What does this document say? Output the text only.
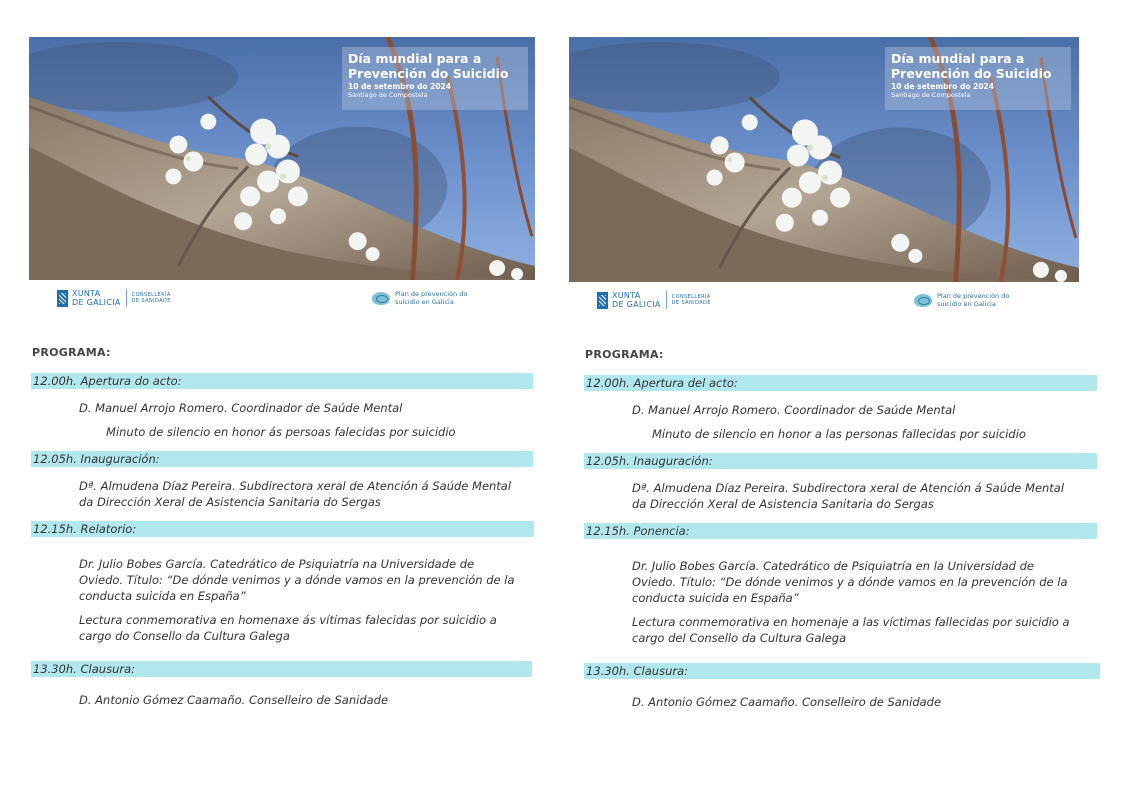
Día mundial para a
Prevención do Suicidio
10 de setembro do 2024
Santiago de Compostela
XUNTA
DE GALICIA
CONSELLERÍA
DE SANIDADE
Plan de prevención do
suicidio en Galicia
PROGRAMA:
12.00h. Apertura do acto:
D. Manuel Arrojo Romero. Coordinador de Saúde Mental
Minuto de silencio en honor ás persoas falecidas por suicidio
12.05h. Inauguración:
Dª. Almudena Díaz Pereira. Subdirectora xeral de Atención á Saúde Mental
da Dirección Xeral de Asistencia Sanitaria do Sergas
12.15h. Relatorio:
Dr. Julio Bobes García. Catedrático de Psiquiatría na Universidade de
Oviedo. Título: “De dónde venimos y a dónde vamos en la prevención de la
conducta suicida en España”
Lectura conmemorativa en homenaxe ás vítimas falecidas por suicidio a
cargo do Consello da Cultura Galega
13.30h. Clausura:
D. Antonio Gómez Caamaño. Conselleiro de Sanidade
Día mundial para a
Prevención do Suicidio
10 de setembro do 2024
Santiago de Compostela
XUNTA
DE GALICIA
CONSELLERÍA
DE SANIDADE
Plan de prevención do
suicidio en Galicia
PROGRAMA:
12.00h. Apertura del acto:
D. Manuel Arrojo Romero. Coordinador de Saúde Mental
Minuto de silencio en honor a las personas fallecidas por suicidio
12.05h. Inauguración:
Dª. Almudena Díaz Pereira. Subdirectora xeral de Atención á Saúde Mental
da Dirección Xeral de Asistencia Sanitaria do Sergas
12.15h. Ponencia:
Dr. Julio Bobes García. Catedrático de Psiquiatría en la Universidad de
Oviedo. Título: “De dónde venimos y a dónde vamos en la prevención de la
conducta suicida en España”
Lectura conmemorativa en homenaje a las víctimas fallecidas por suicidio a
cargo del Consello da Cultura Galega
13.30h. Clausura:
D. Antonio Gómez Caamaño. Conselleiro de Sanidade
